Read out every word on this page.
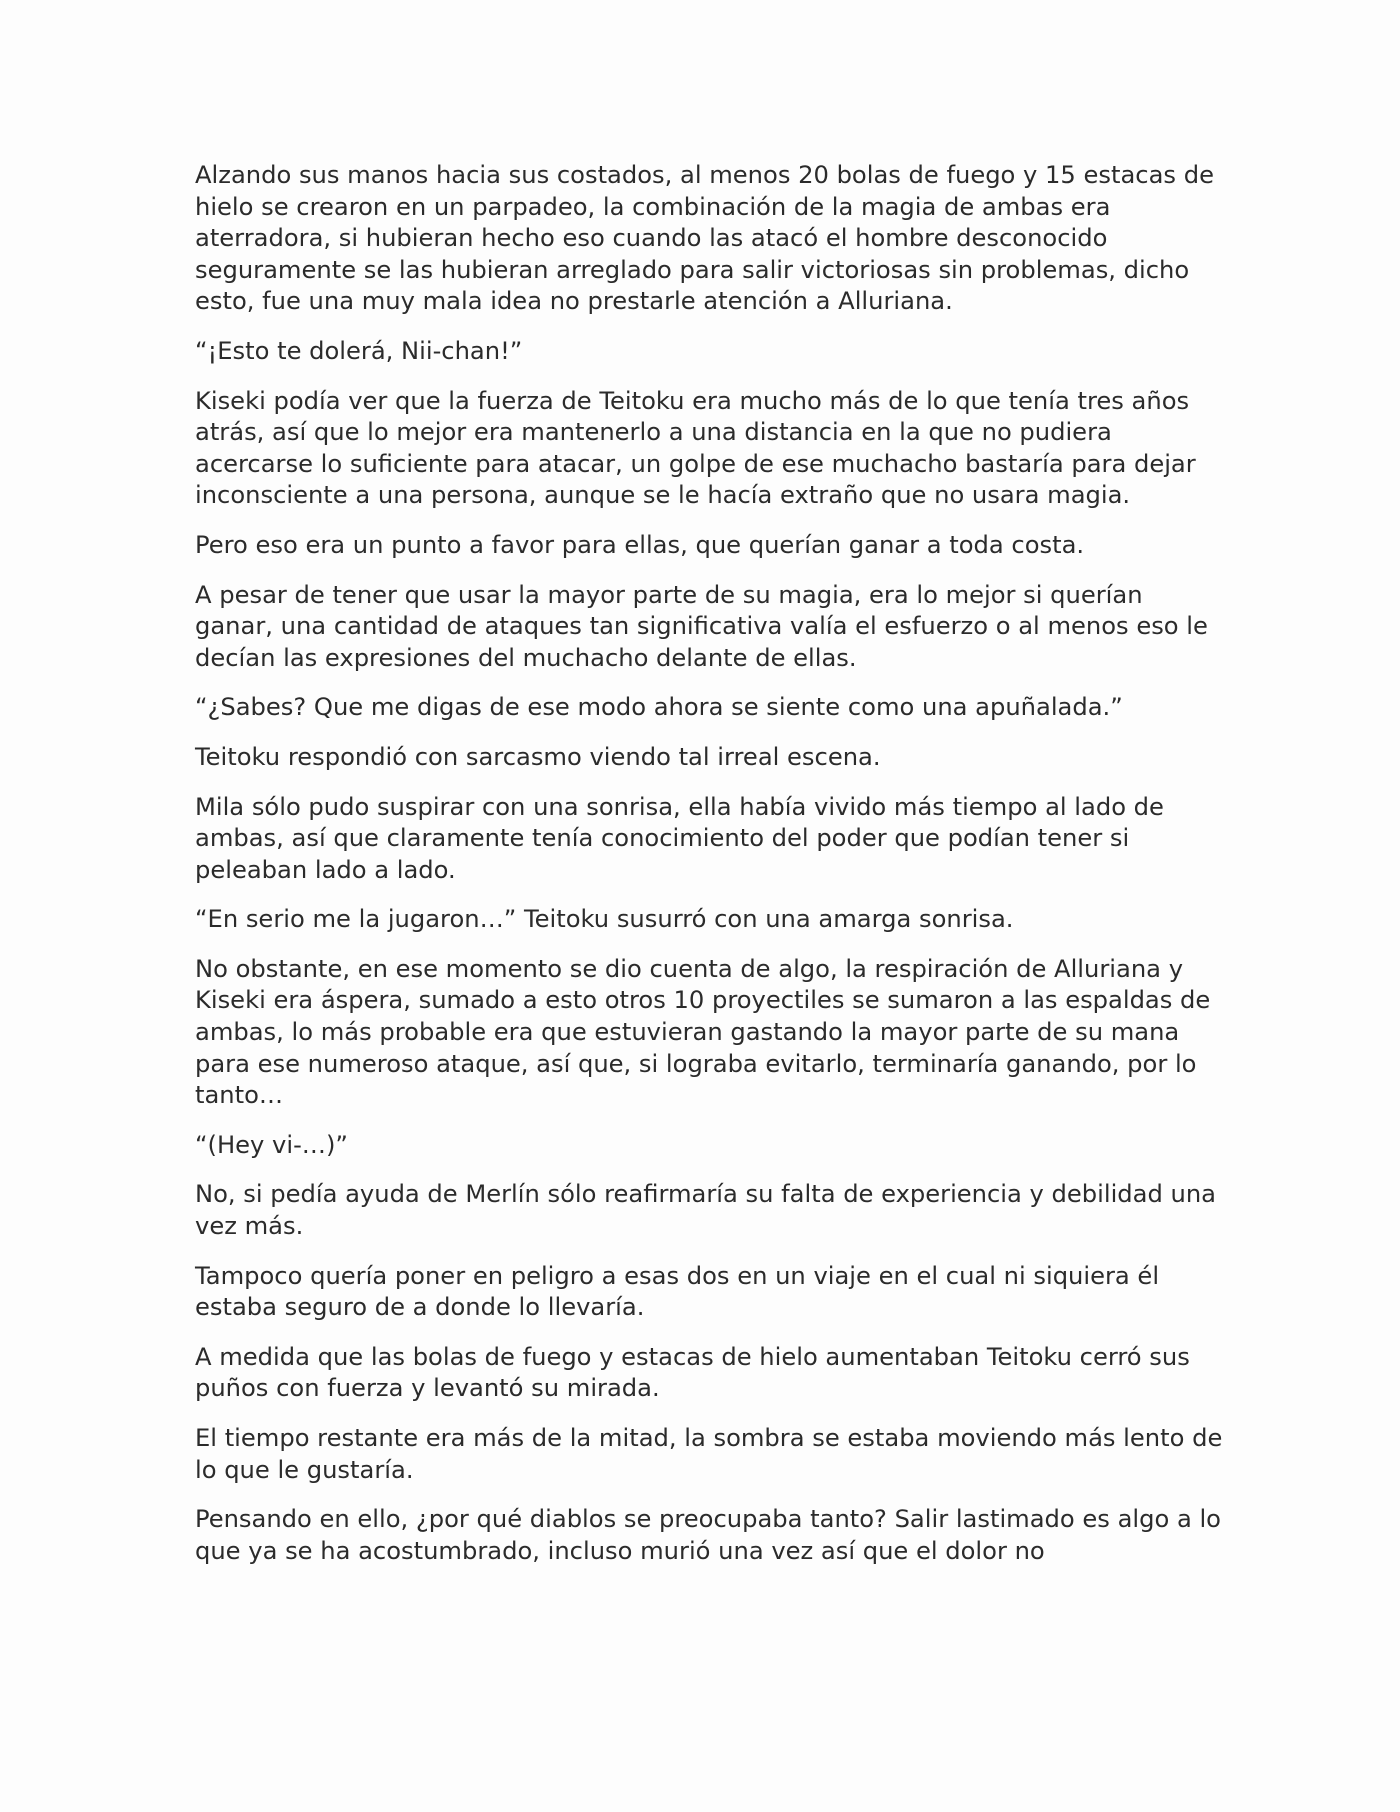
Alzando sus manos hacia sus costados, al menos 20 bolas de fuego y 15 estacas de hielo se crearon en un parpadeo, la combinación de la magia de ambas era aterradora, si hubieran hecho eso cuando las atacó el hombre desconocido seguramente se las hubieran arreglado para salir victoriosas sin problemas, dicho esto, fue una muy mala idea no prestarle atención a Alluriana.

“¡Esto te dolerá, Nii-chan!”

Kiseki podía ver que la fuerza de Teitoku era mucho más de lo que tenía tres años atrás, así que lo mejor era mantenerlo a una distancia en la que no pudiera acercarse lo suficiente para atacar, un golpe de ese muchacho bastaría para dejar inconsciente a una persona, aunque se le hacía extraño que no usara magia.

Pero eso era un punto a favor para ellas, que querían ganar a toda costa.

A pesar de tener que usar la mayor parte de su magia, era lo mejor si querían ganar, una cantidad de ataques tan significativa valía el esfuerzo o al menos eso le decían las expresiones del muchacho delante de ellas.

“¿Sabes? Que me digas de ese modo ahora se siente como una apuñalada.”

Teitoku respondió con sarcasmo viendo tal irreal escena.

Mila sólo pudo suspirar con una sonrisa, ella había vivido más tiempo al lado de ambas, así que claramente tenía conocimiento del poder que podían tener si peleaban lado a lado.

“En serio me la jugaron…” Teitoku susurró con una amarga sonrisa.

No obstante, en ese momento se dio cuenta de algo, la respiración de Alluriana y Kiseki era áspera, sumado a esto otros 10 proyectiles se sumaron a las espaldas de ambas, lo más probable era que estuvieran gastando la mayor parte de su mana para ese numeroso ataque, así que, si lograba evitarlo, terminaría ganando, por lo tanto…

“(Hey vi-…)”

No, si pedía ayuda de Merlín sólo reafirmaría su falta de experiencia y debilidad una vez más.

Tampoco quería poner en peligro a esas dos en un viaje en el cual ni siquiera él estaba seguro de a donde lo llevaría.

A medida que las bolas de fuego y estacas de hielo aumentaban Teitoku cerró sus puños con fuerza y levantó su mirada.

El tiempo restante era más de la mitad, la sombra se estaba moviendo más lento de lo que le gustaría.

Pensando en ello, ¿por qué diablos se preocupaba tanto? Salir lastimado es algo a lo que ya se ha acostumbrado, incluso murió una vez así que el dolor no
